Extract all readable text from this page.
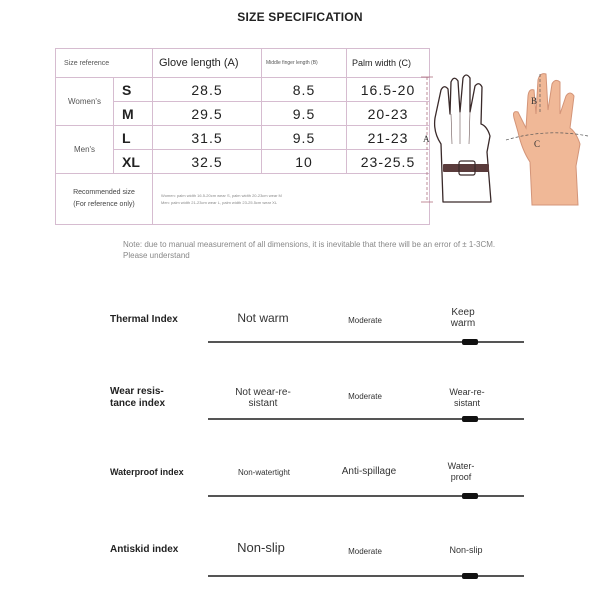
SIZE SPECIFICATION
Size reference		Glove length (A)	Middle finger length (B)	Palm width (C)
Women's	S	28.5	8.5	16.5-20
	M	29.5	9.5	20-23
Men's	L	31.5	9.5	21-23
	XL	32.5	10	23-25.5

Recommended size
(For reference only)		Women: palm width 16.5-20cm wear S, palm width 20-23cm wear M
Men: palm width 21-23cm wear L, palm width 23-25.5cm wear XL		
A
B
C
Note: due to manual measurement of all dimensions, it is inevitable that there will be an error of ± 1-3CM. Please understand
Thermal Index	Not warm	Moderate
Keep
warm
Wear resis-
tance index
Not wear-re-
sistant
Moderate	Wear-re-
sistant
Waterproof index	Non-watertight	Anti-spillage	Water-
proof
Antiskid index	Non-slip	Moderate	Non-slip
